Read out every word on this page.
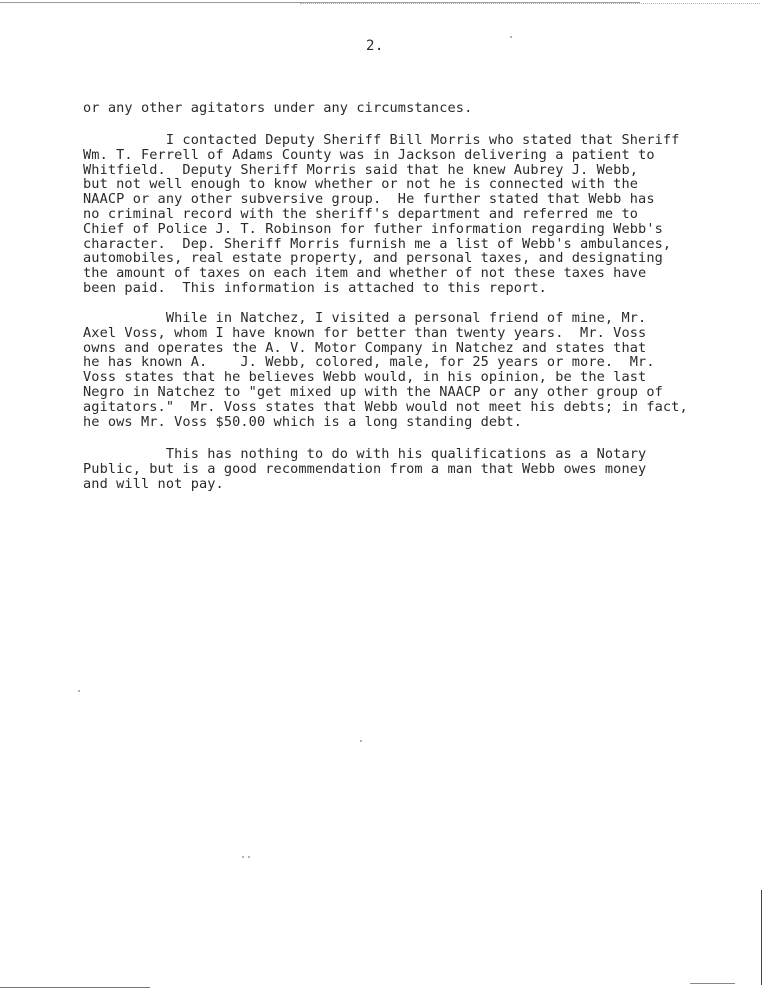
2.
or any other agitators under any circumstances.
I contacted Deputy Sheriff Bill Morris who stated that Sheriff
Wm. T. Ferrell of Adams County was in Jackson delivering a patient to
Whitfield.  Deputy Sheriff Morris said that he knew Aubrey J. Webb,
but not well enough to know whether or not he is connected with the
NAACP or any other subversive group.  He further stated that Webb has
no criminal record with the sheriff's department and referred me to
Chief of Police J. T. Robinson for futher information regarding Webb's
character.  Dep. Sheriff Morris furnish me a list of Webb's ambulances,
automobiles, real estate property, and personal taxes, and designating
the amount of taxes on each item and whether of not these taxes have
been paid.  This information is attached to this report.
While in Natchez, I visited a personal friend of mine, Mr.
Axel Voss, whom I have known for better than twenty years.  Mr. Voss
owns and operates the A. V. Motor Company in Natchez and states that
he has known A.    J. Webb, colored, male, for 25 years or more.  Mr.
Voss states that he believes Webb would, in his opinion, be the last
Negro in Natchez to "get mixed up with the NAACP or any other group of
agitators."  Mr. Voss states that Webb would not meet his debts; in fact,
he ows Mr. Voss $50.00 which is a long standing debt.
This has nothing to do with his qualifications as a Notary
Public, but is a good recommendation from a man that Webb owes money
and will not pay.
